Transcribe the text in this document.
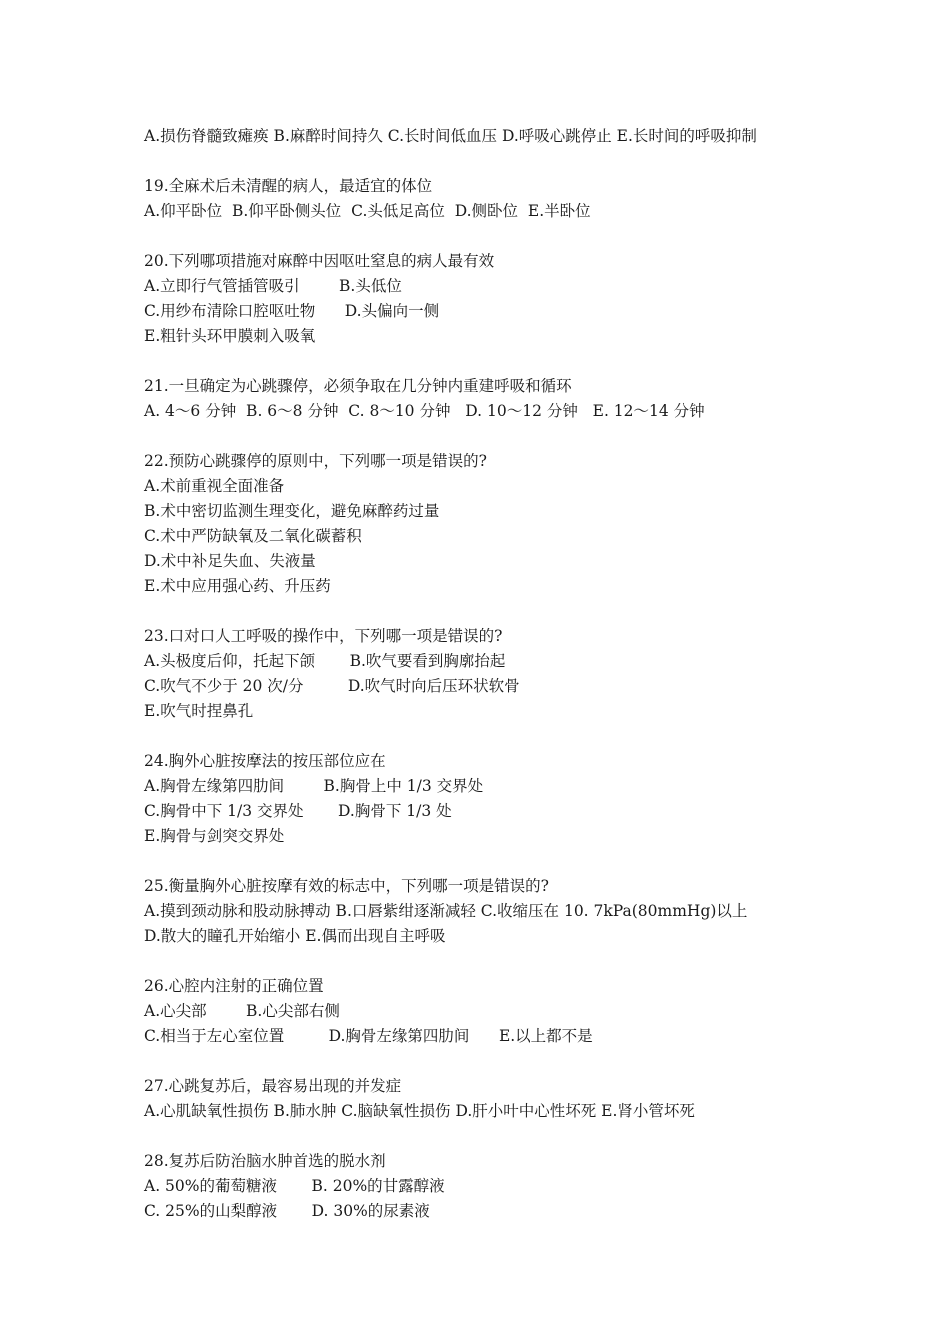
A.损伤脊髓致瘫痪 B.麻醉时间持久 C.长时间低血压 D.呼吸心跳停止 E.长时间的呼吸抑制
19.全麻术后未清醒的病人，最适宜的体位
A.仰平卧位  B.仰平卧侧头位  C.头低足高位  D.侧卧位  E.半卧位
20.下列哪项措施对麻醉中因呕吐窒息的病人最有效
A.立即行气管插管吸引        B.头低位
C.用纱布清除口腔呕吐物      D.头偏向一侧
E.粗针头环甲膜刺入吸氧
21.一旦确定为心跳骤停，必须争取在几分钟内重建呼吸和循环
A. 4～6 分钟  B. 6～8 分钟  C. 8～10 分钟   D. 10～12 分钟   E. 12～14 分钟
22.预防心跳骤停的原则中，下列哪一项是错误的?
A.术前重视全面准备
B.术中密切监测生理变化，避免麻醉药过量
C.术中严防缺氧及二氧化碳蓄积
D.术中补足失血、失液量
E.术中应用强心药、升压药
23.口对口人工呼吸的操作中，下列哪一项是错误的?
A.头极度后仰，托起下颌       B.吹气要看到胸廓抬起
C.吹气不少于 20 次/分         D.吹气时向后压环状软骨
E.吹气时捏鼻孔
24.胸外心脏按摩法的按压部位应在
A.胸骨左缘第四肋间        B.胸骨上中 1/3 交界处
C.胸骨中下 1/3 交界处       D.胸骨下 1/3 处
E.胸骨与剑突交界处
25.衡量胸外心脏按摩有效的标志中，下列哪一项是错误的?
A.摸到颈动脉和股动脉搏动 B.口唇紫绀逐渐减轻 C.收缩压在 10. 7kPa(80mmHg)以上
D.散大的瞳孔开始缩小 E.偶而出现自主呼吸
26.心腔内注射的正确位置
A.心尖部        B.心尖部右侧
C.相当于左心室位置         D.胸骨左缘第四肋间      E.以上都不是
27.心跳复苏后，最容易出现的并发症
A.心肌缺氧性损伤 B.肺水肿 C.脑缺氧性损伤 D.肝小叶中心性坏死 E.肾小管坏死
28.复苏后防治脑水肿首选的脱水剂
A. 50%的葡萄糖液       B. 20%的甘露醇液
C. 25%的山梨醇液       D. 30%的尿素液
